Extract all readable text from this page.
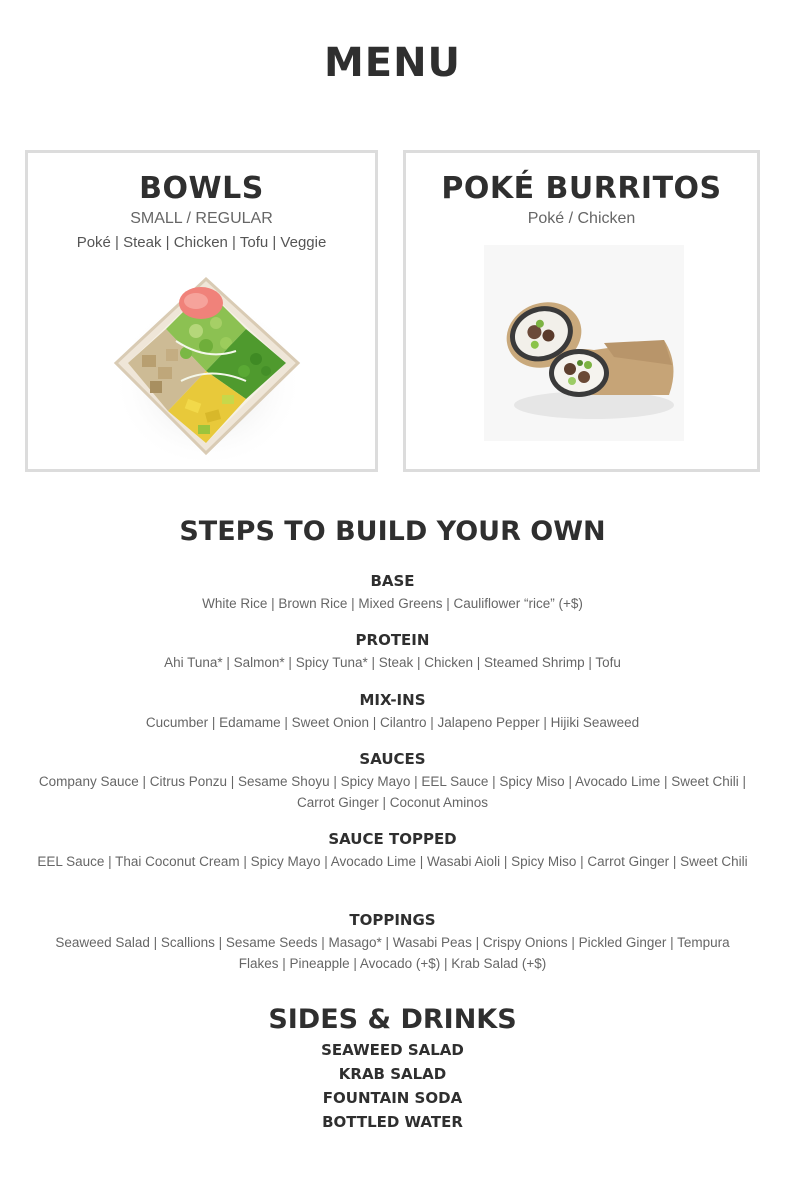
MENU
BOWLS
SMALL / REGULAR
Poké | Steak | Chicken | Tofu | Veggie
POKÉ BURRITOS
Poké / Chicken
STEPS TO BUILD YOUR OWN
BASE
White Rice | Brown Rice | Mixed Greens | Cauliflower “rice” (+$)
PROTEIN
Ahi Tuna* | Salmon* | Spicy Tuna* | Steak | Chicken | Steamed Shrimp | Tofu
MIX-INS
Cucumber | Edamame | Sweet Onion | Cilantro | Jalapeno Pepper | Hijiki Seaweed
SAUCES
Company Sauce | Citrus Ponzu | Sesame Shoyu | Spicy Mayo | EEL Sauce | Spicy Miso | Avocado Lime | Sweet Chili | Carrot Ginger | Coconut Aminos
SAUCE TOPPED
EEL Sauce | Thai Coconut Cream | Spicy Mayo | Avocado Lime | Wasabi Aioli | Spicy Miso | Carrot Ginger | Sweet Chili
TOPPINGS
Seaweed Salad | Scallions | Sesame Seeds | Masago* | Wasabi Peas | Crispy Onions | Pickled Ginger | Tempura Flakes | Pineapple | Avocado (+$) | Krab Salad (+$)
SIDES & DRINKS
SEAWEED SALAD
KRAB SALAD
FOUNTAIN SODA
BOTTLED WATER
